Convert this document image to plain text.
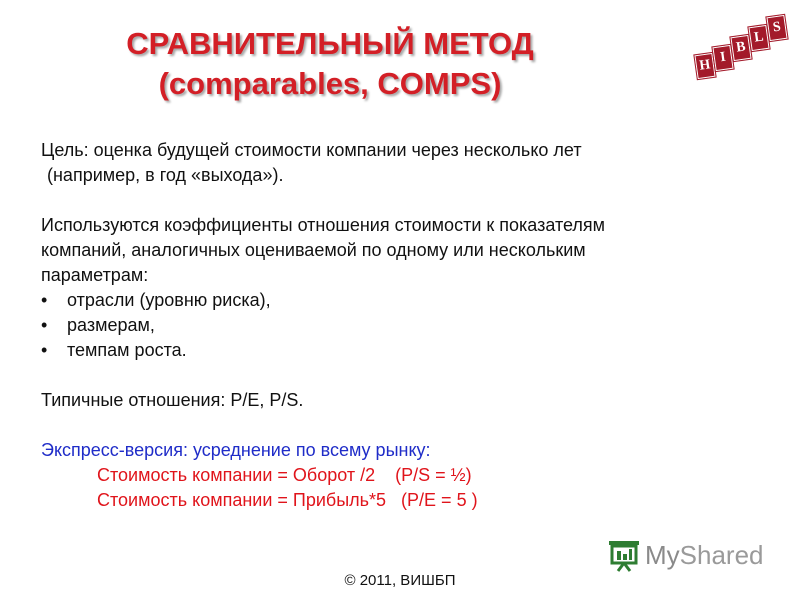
СРАВНИТЕЛЬНЫЙ МЕТОД
(comparables, COMPS)
H I
B
L
S
Цель: оценка будущей стоимости компании через несколько лет
(например, в год «выхода»).
Используются коэффициенты отношения стоимости к показателям
компаний, аналогичных оцениваемой по одному или нескольким
параметрам:
• отрасли (уровню риска),
• размерам,
• темпам роста.
Типичные отношения: P/E, P/S.
Экспресс-версия: усреднение по всему рынку:
Стоимость компании = Оборот /2    (P/S = ½)
Стоимость компании = Прибыль*5   (P/E = 5 )
MyShared
© 2011, ВИШБП
